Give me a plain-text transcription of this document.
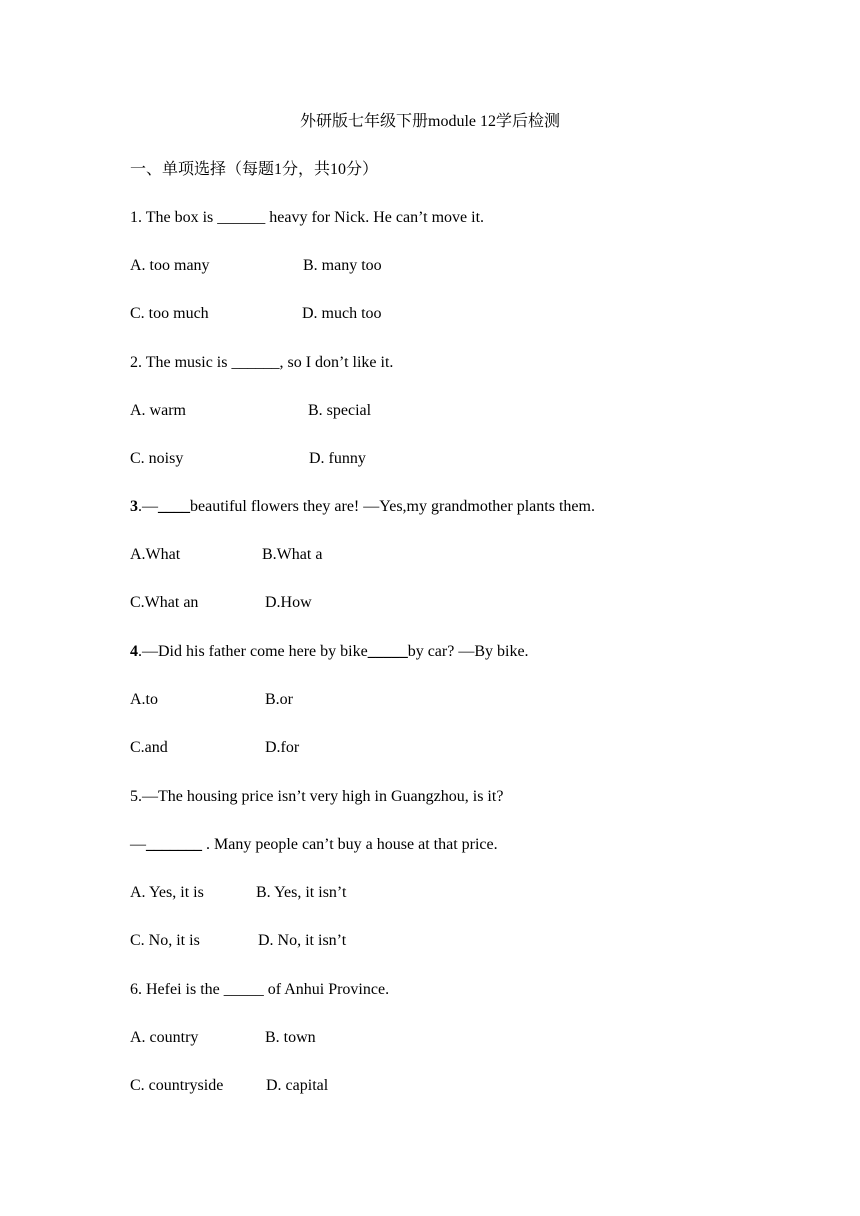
外研版七年级下册module 12学后检测
一、单项选择（每题1分，共10分）
1. The box is ______ heavy for Nick. He can’t move it.
A. too many	B. many too
C. too much	D. much too
2. The music is ______, so I don’t like it.
A. warm	B. special
C. noisy	D. funny
3.—____beautiful flowers they are! —Yes,my grandmother plants them.
A.What	B.What a
C.What an	D.How
4.—Did his father come here by bike_____by car? —By bike.
A.to	B.or
C.and	D.for
5.—The housing price isn’t very high in Guangzhou, is it?
—_______ . Many people can’t buy a house at that price.
A. Yes, it is	B. Yes, it isn’t
C. No, it is	D. No, it isn’t
6. Hefei is the _____ of Anhui Province.
A. country	B. town
C. countryside	D. capital
